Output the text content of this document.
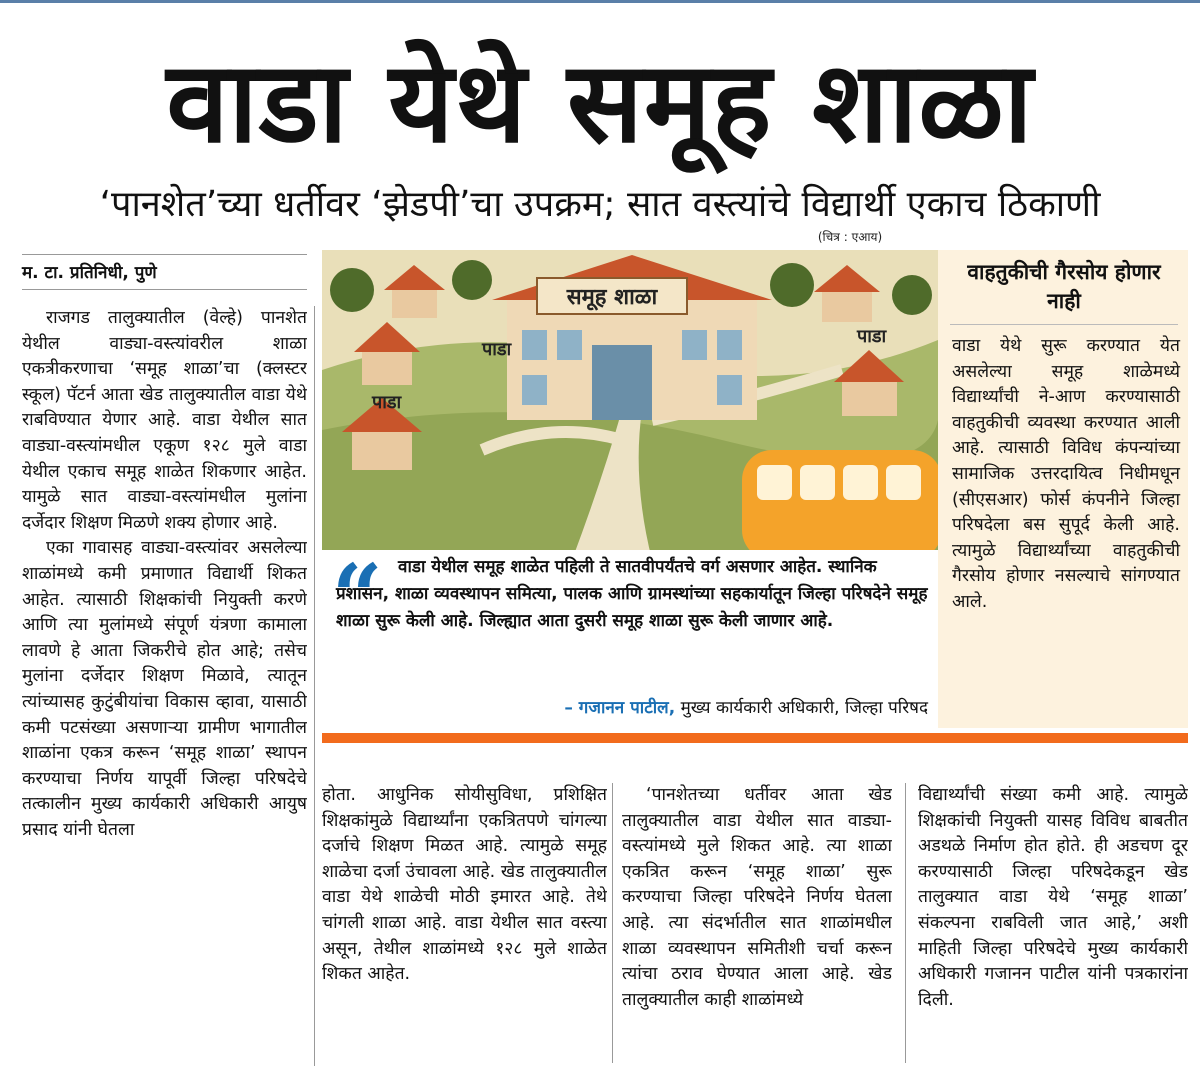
वाडा येथे समूह शाळा
‘पानशेत’च्या धर्तीवर ‘झेडपी’चा उपक्रम; सात वस्त्यांचे विद्यार्थी एकाच ठिकाणी
(चित्र : एआय)
म. टा. प्रतिनिधी, पुणे

राजगड तालुक्यातील (वेल्हे) पानशेत येथील वाड्या-वस्त्यांवरील शाळा एकत्रीकरणाचा ‘समूह शाळा’चा (क्लस्टर स्कूल) पॅटर्न आता खेड तालुक्यातील वाडा येथे राबविण्यात येणार आहे. वाडा येथील सात वाड्या-वस्त्यांमधील एकूण १२८ मुले वाडा येथील एकाच समूह शाळेत शिकणार आहेत. यामुळे सात वाड्या-वस्त्यांमधील मुलांना दर्जेदार शिक्षण मिळणे शक्य होणार आहे.

एका गावासह वाड्या-वस्त्यांवर असलेल्या शाळांमध्ये कमी प्रमाणात विद्यार्थी शिकत आहेत. त्यासाठी शिक्षकांची नियुक्ती करणे आणि त्या मुलांमध्ये संपूर्ण यंत्रणा कामाला लावणे हे आता जिकरीचे होत आहे; तसेच मुलांना दर्जेदार शिक्षण मिळावे, त्यातून त्यांच्यासह कुटुंबीयांचा विकास व्हावा, यासाठी कमी पटसंख्या असणाऱ्या ग्रामीण भागातील शाळांना एकत्र करून ‘समूह शाळा’ स्थापन करण्याचा निर्णय यापूर्वी जिल्हा परिषदेचे तत्कालीन मुख्य कार्यकारी अधिकारी आयुष प्रसाद यांनी घेतला

समूह शाळा
पाडा
पाडा
पाडा
“ वाडा येथील समूह शाळेत पहिली ते सातवीपर्यंतचे वर्ग असणार आहेत. स्थानिक प्रशासन, शाळा व्यवस्थापन समित्या, पालक आणि ग्रामस्थांच्या सहकार्यातून जिल्हा परिषदेने समूह शाळा सुरू केली आहे. जिल्ह्यात आता दुसरी समूह शाळा सुरू केली जाणार आहे.
– गजानन पाटील, मुख्य कार्यकारी अधिकारी, जिल्हा परिषद
वाहतुकीची गैरसोय होणार नाही
वाडा येथे सुरू करण्यात येत असलेल्या समूह शाळेमध्ये विद्यार्थ्यांची ने-आण करण्यासाठी वाहतुकीची व्यवस्था करण्यात आली आहे. त्यासाठी विविध कंपन्यांच्या सामाजिक उत्तरदायित्व निधीमधून (सीएसआर) फोर्स कंपनीने जिल्हा परिषदेला बस सुपूर्द केली आहे. त्यामुळे विद्यार्थ्यांच्या वाहतुकीची गैरसोय होणार नसल्याचे सांगण्यात आले.

होता. आधुनिक सोयीसुविधा, प्रशिक्षित शिक्षकांमुळे विद्यार्थ्यांना एकत्रितपणे चांगल्या दर्जाचे शिक्षण मिळत आहे. त्यामुळे समूह शाळेचा दर्जा उंचावला आहे. खेड तालुक्यातील वाडा येथे शाळेची मोठी इमारत आहे. तेथे चांगली शाळा आहे. वाडा येथील सात वस्त्या असून, तेथील शाळांमध्ये १२८ मुले शाळेत शिकत आहेत.

‘पानशेतच्या धर्तीवर आता खेड तालुक्यातील वाडा येथील सात वाड्या-वस्त्यांमध्ये मुले शिकत आहे. त्या शाळा एकत्रित करून ‘समूह शाळा’ सुरू करण्याचा जिल्हा परिषदेने निर्णय घेतला आहे. त्या संदर्भातील सात शाळांमधील शाळा व्यवस्थापन समितीशी चर्चा करून त्यांचा ठराव घेण्यात आला आहे. खेड तालुक्यातील काही शाळांमध्ये

विद्यार्थ्यांची संख्या कमी आहे. त्यामुळे शिक्षकांची नियुक्ती यासह विविध बाबतीत अडथळे निर्माण होत होते. ही अडचण दूर करण्यासाठी जिल्हा परिषदेकडून खेड तालुक्यात वाडा येथे ‘समूह शाळा’ संकल्पना राबविली जात आहे,’ अशी माहिती जिल्हा परिषदेचे मुख्य कार्यकारी अधिकारी गजानन पाटील यांनी पत्रकारांना दिली.
